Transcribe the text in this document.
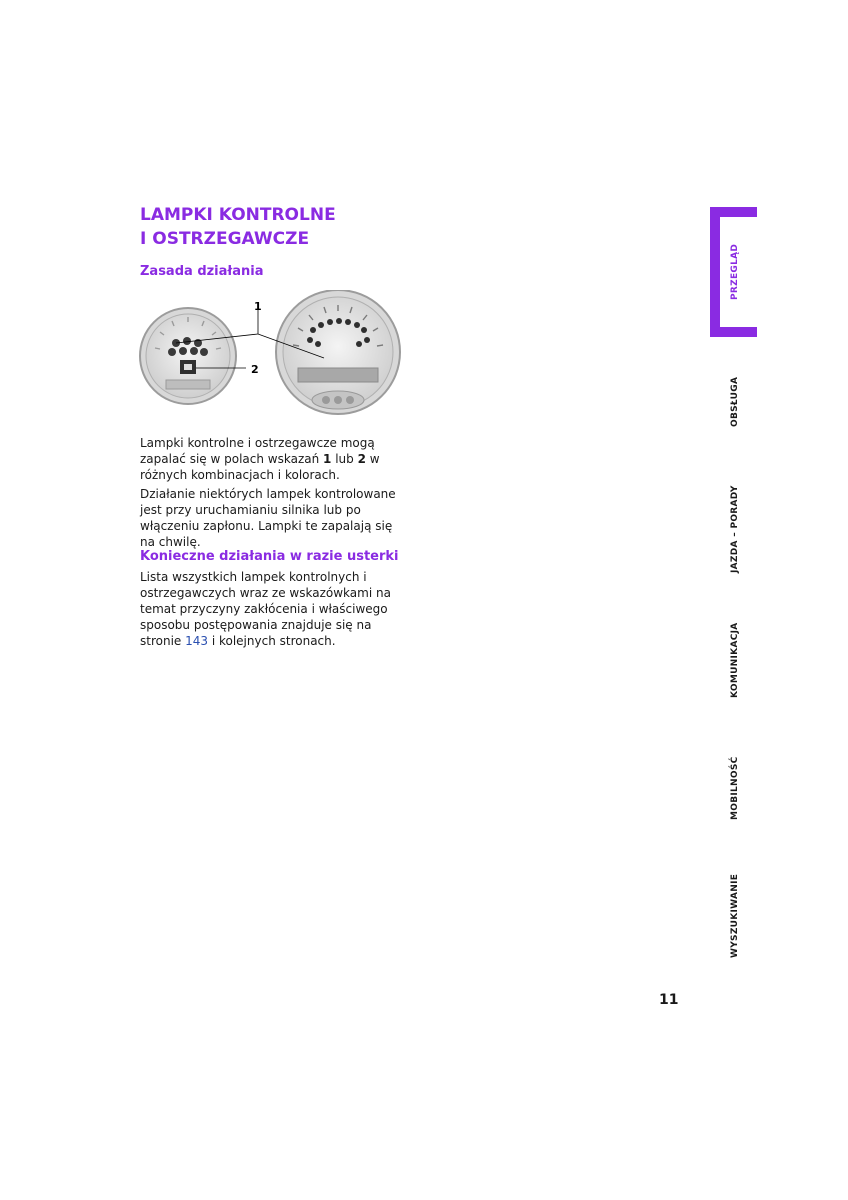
LAMPKI KONTROLNE
I OSTRZEGAWCZE
Zasada działania
1
2

Lampki kontrolne i ostrzegawcze mogą zapalać się w polach wskazań 1 lub 2 w różnych kombinacjach i kolorach.

Działanie niektórych lampek kontrolowane jest przy uruchamianiu silnika lub po włączeniu zapłonu. Lampki te zapalają się na chwilę.

Konieczne działania w razie usterki

Lista wszystkich lampek kontrolnych i ostrzegawczych wraz ze wskazówkami na temat przyczyny zakłócenia i właściwego sposobu postępowania znajduje się na stronie 143 i kolejnych stronach.

PRZEGLĄD
OBSŁUGA
JAZDA – PORADY
KOMUNIKACJA
MOBILNOŚĆ
WYSZUKIWANIE
11
